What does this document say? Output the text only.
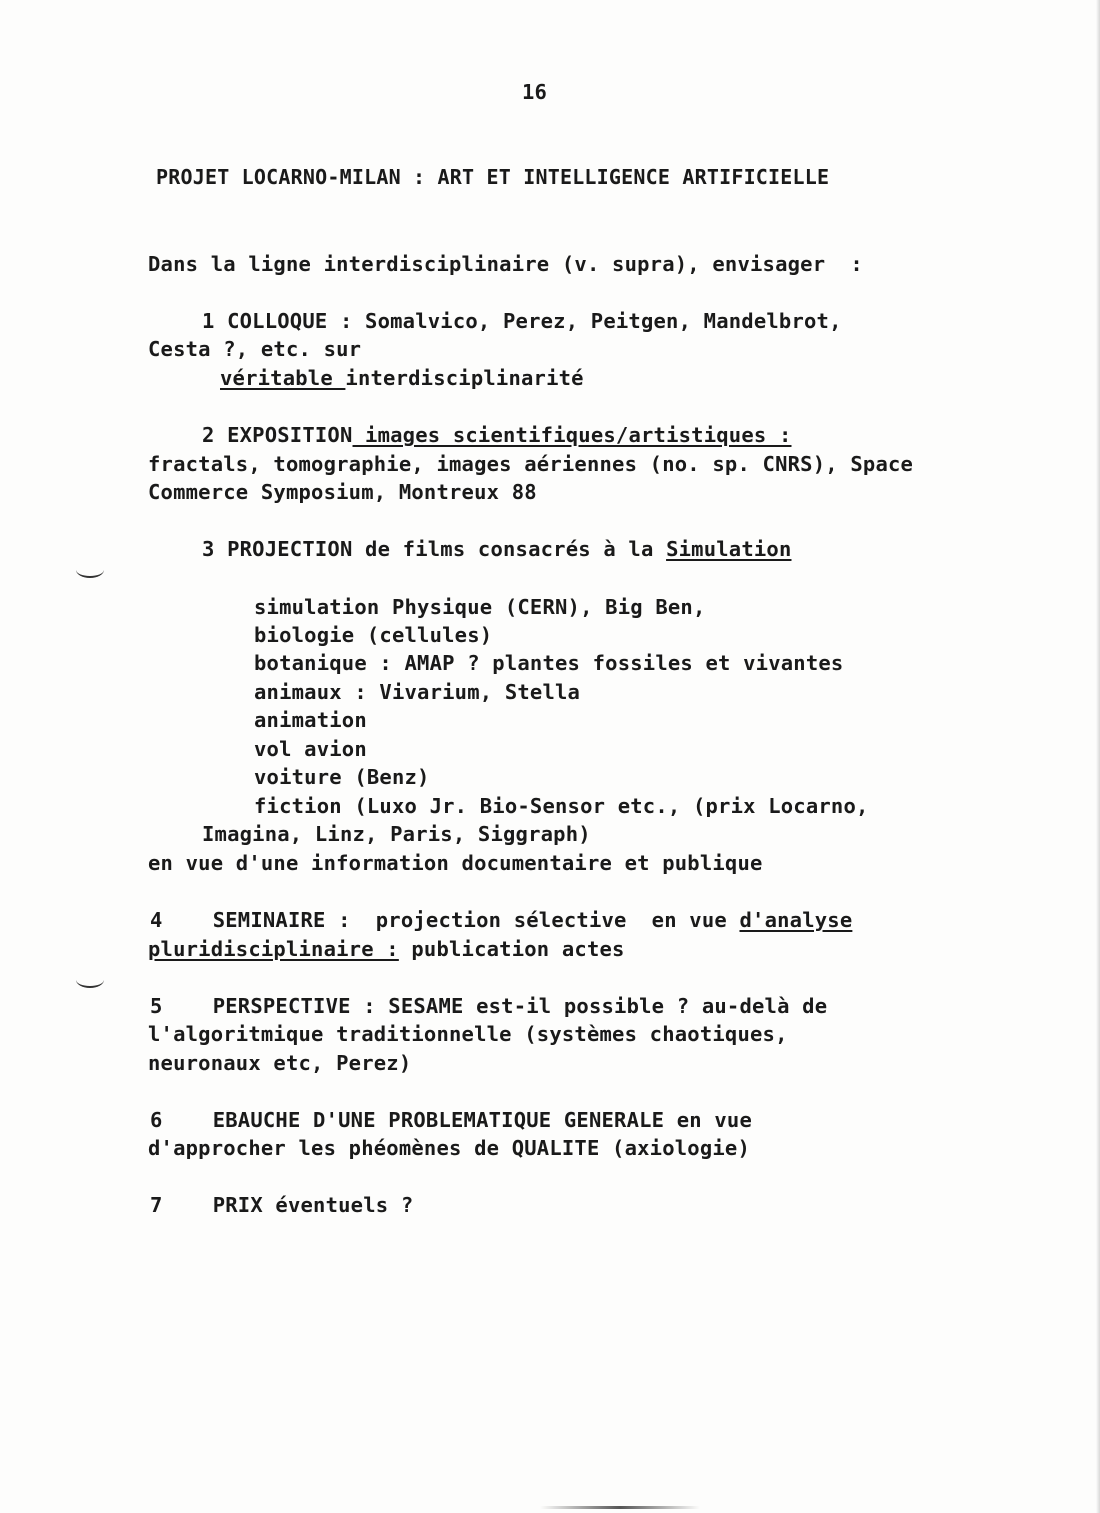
16
PROJET LOCARNO-MILAN : ART ET INTELLIGENCE ARTIFICIELLE
Dans la ligne interdisciplinaire (v. supra), envisager  :
1 COLLOQUE : Somalvico, Perez, Peitgen, Mandelbrot,
Cesta ?, etc. sur
véritable interdisciplinarité
2 EXPOSITION images scientifiques/artistiques :
fractals, tomographie, images aériennes (no. sp. CNRS), Space
Commerce Symposium, Montreux 88
3 PROJECTION de films consacrés à la Simulation
simulation Physique (CERN), Big Ben,
biologie (cellules)
botanique : AMAP ? plantes fossiles et vivantes
animaux : Vivarium, Stella
animation
vol avion
voiture (Benz)
fiction (Luxo Jr. Bio-Sensor etc., (prix Locarno,
Imagina, Linz, Paris, Siggraph)
en vue d'une information documentaire et publique
4    SEMINAIRE :  projection sélective  en vue d'analyse
pluridisciplinaire : publication actes
5    PERSPECTIVE : SESAME est-il possible ? au-delà de
l'algoritmique traditionnelle (systèmes chaotiques,
neuronaux etc, Perez)
6    EBAUCHE D'UNE PROBLEMATIQUE GENERALE en vue
d'approcher les phéomènes de QUALITE (axiologie)
7    PRIX éventuels ?
